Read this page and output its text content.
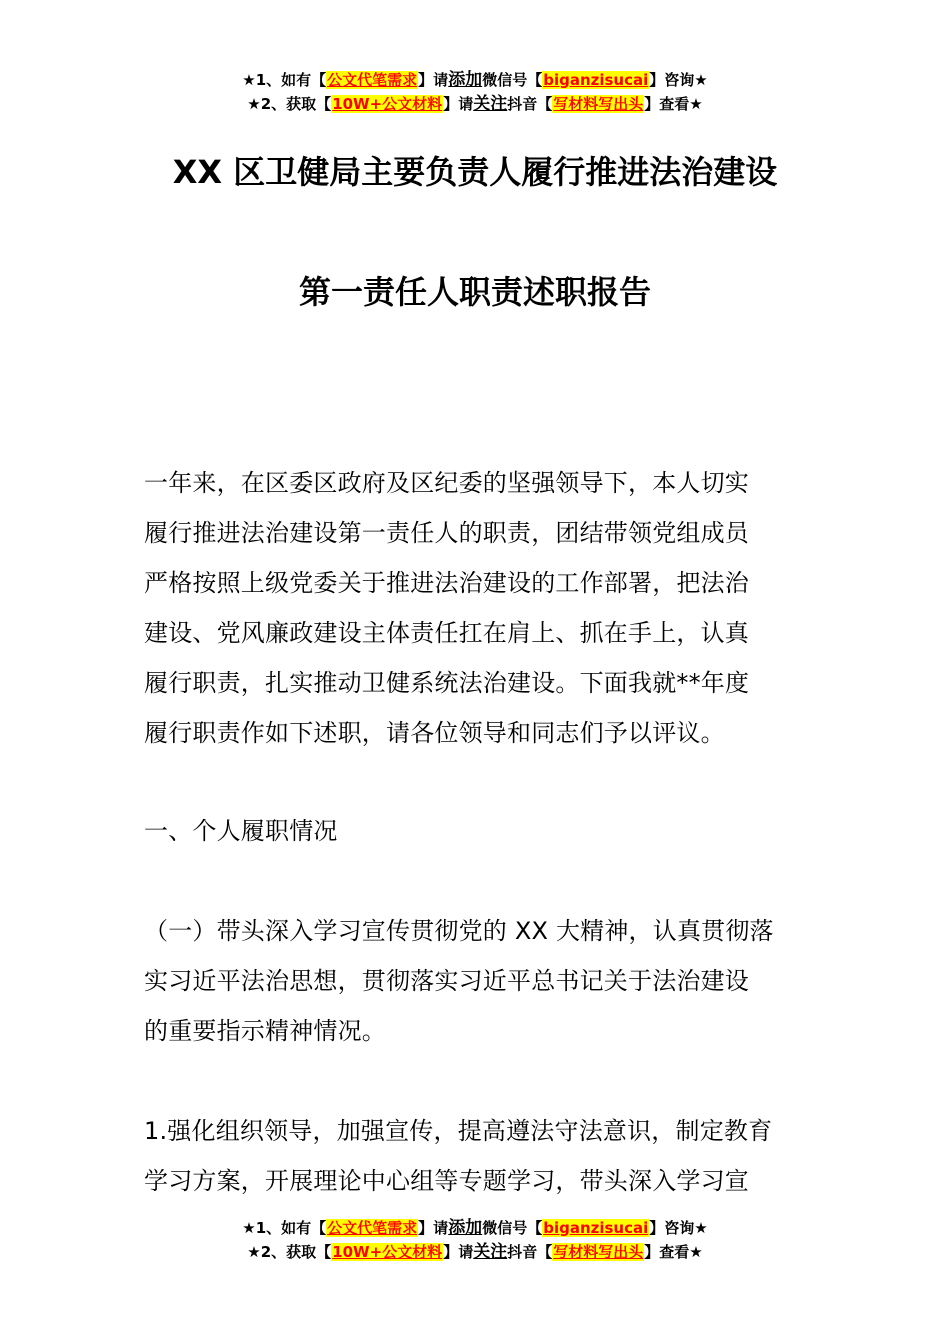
★1、如有【公文代笔需求】请添加微信号【biganzisucai】咨询★
★2、获取【10W+公文材料】请关注抖音【写材料写出头】查看★
XX 区卫健局主要负责人履行推进法治建设
第一责任人职责述职报告
一年来，在区委区政府及区纪委的坚强领导下，本人切实
履行推进法治建设第一责任人的职责，团结带领党组成员
严格按照上级党委关于推进法治建设的工作部署，把法治
建设、党风廉政建设主体责任扛在肩上、抓在手上，认真
履行职责，扎实推动卫健系统法治建设。下面我就**年度
履行职责作如下述职，请各位领导和同志们予以评议。
一、个人履职情况
（一）带头深入学习宣传贯彻党的 XX 大精神，认真贯彻落
实习近平法治思想，贯彻落实习近平总书记关于法治建设
的重要指示精神情况。
1.强化组织领导，加强宣传，提高遵法守法意识，制定教育
学习方案，开展理论中心组等专题学习，带头深入学习宣
★1、如有【公文代笔需求】请添加微信号【biganzisucai】咨询★
★2、获取【10W+公文材料】请关注抖音【写材料写出头】查看★
